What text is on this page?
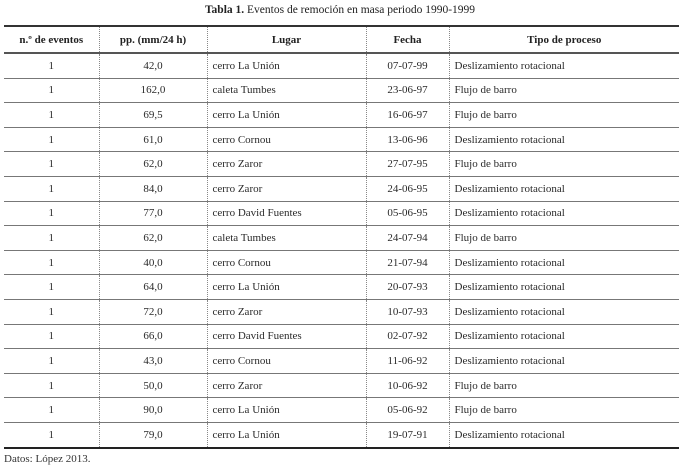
Tabla 1. Eventos de remoción en masa periodo 1990-1999
n.º de eventos	pp. (mm/24 h)	Lugar	Fecha	Tipo de proceso
1	42,0	cerro La Unión	07-07-99	Deslizamiento rotacional
1	162,0	caleta Tumbes	23-06-97	Flujo de barro
1	69,5	cerro La Unión	16-06-97	Flujo de barro
1	61,0	cerro Cornou	13-06-96	Deslizamiento rotacional
1	62,0	cerro Zaror	27-07-95	Flujo de barro
1	84,0	cerro Zaror	24-06-95	Deslizamiento rotacional
1	77,0	cerro David Fuentes	05-06-95	Deslizamiento rotacional
1	62,0	caleta Tumbes	24-07-94	Flujo de barro
1	40,0	cerro Cornou	21-07-94	Deslizamiento rotacional
1	64,0	cerro La Unión	20-07-93	Deslizamiento rotacional
1	72,0	cerro Zaror	10-07-93	Deslizamiento rotacional
1	66,0	cerro David Fuentes	02-07-92	Deslizamiento rotacional
1	43,0	cerro Cornou	11-06-92	Deslizamiento rotacional
1	50,0	cerro Zaror	10-06-92	Flujo de barro
1	90,0	cerro La Unión	05-06-92	Flujo de barro
1	79,0	cerro La Unión	19-07-91	Deslizamiento rotacional
Datos: López 2013.
